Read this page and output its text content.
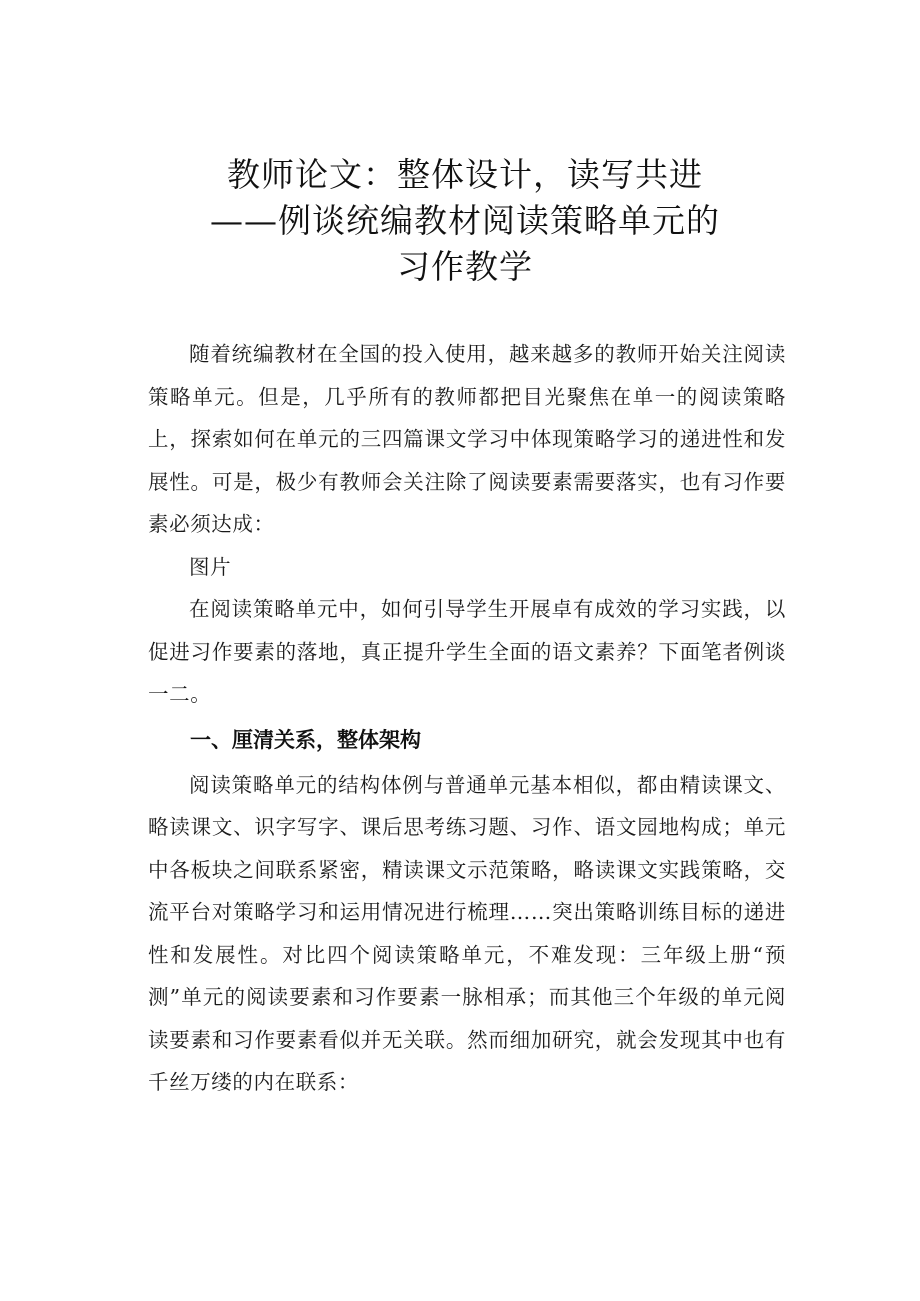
教师论文：整体设计，读写共进
——例谈统编教材阅读策略单元的
习作教学

随着统编教材在全国的投入使用，越来越多的教师开始关注阅读策略单元。但是，几乎所有的教师都把目光聚焦在单一的阅读策略上，探索如何在单元的三四篇课文学习中体现策略学习的递进性和发展性。可是，极少有教师会关注除了阅读要素需要落实，也有习作要素必须达成：

图片

在阅读策略单元中，如何引导学生开展卓有成效的学习实践，以促进习作要素的落地，真正提升学生全面的语文素养？下面笔者例谈一二。

一、厘清关系，整体架构

阅读策略单元的结构体例与普通单元基本相似，都由精读课文、略读课文、识字写字、课后思考练习题、习作、语文园地构成；单元中各板块之间联系紧密，精读课文示范策略，略读课文实践策略，交流平台对策略学习和运用情况进行梳理……突出策略训练目标的递进性和发展性。对比四个阅读策略单元，不难发现：三年级上册“预测”单元的阅读要素和习作要素一脉相承；而其他三个年级的单元阅读要素和习作要素看似并无关联。然而细加研究，就会发现其中也有千丝万缕的内在联系：
